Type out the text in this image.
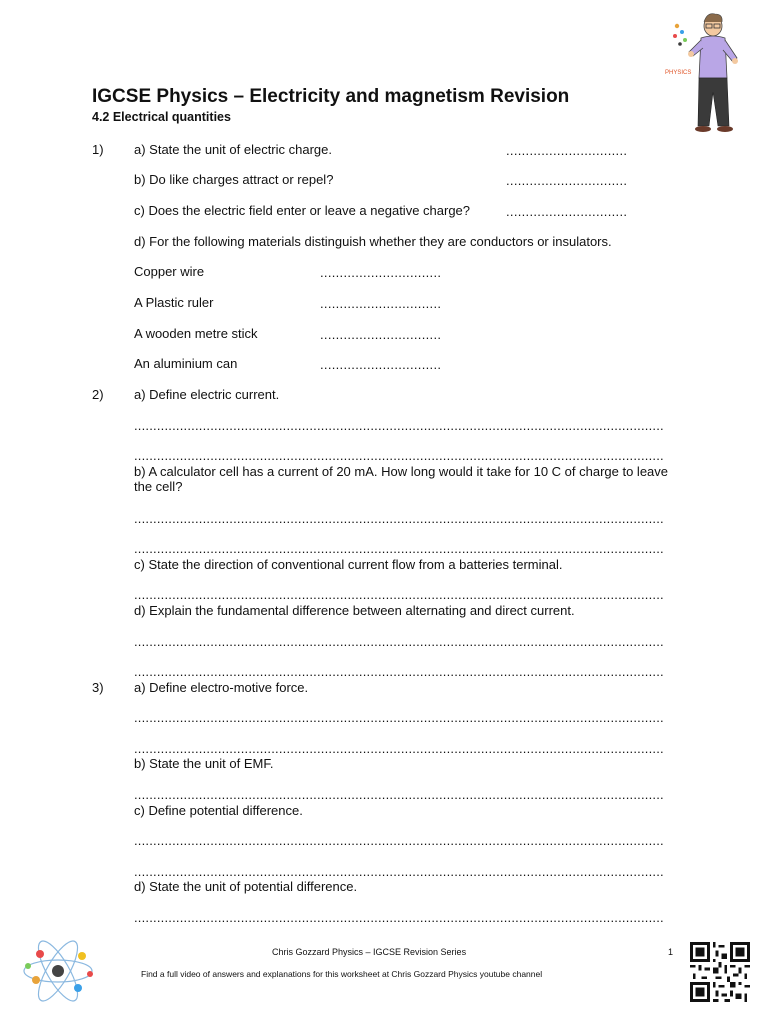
IGCSE Physics – Electricity and magnetism Revision
4.2 Electrical quantities
PHYSICS
1) a) State the unit of electric charge.	...............................
b) Do like charges attract or repel?	...............................
c) Does the electric field enter or leave a negative charge?	...............................
d) For the following materials distinguish whether they are conductors or insulators.
Copper wire	...............................
A Plastic ruler	...............................
A wooden metre stick	...............................
An aluminium can	...............................
2) a) Define electric current.
...........................................................................................................................................
...........................................................................................................................................
b) A calculator cell has a current of 20 mA. How long would it take for 10 C of charge to leave the cell?
...........................................................................................................................................
...........................................................................................................................................
c) State the direction of conventional current flow from a batteries terminal.
...........................................................................................................................................
d) Explain the fundamental difference between alternating and direct current.
...........................................................................................................................................
...........................................................................................................................................
3) a) Define electro-motive force.
...........................................................................................................................................
...........................................................................................................................................
b) State the unit of EMF.
...........................................................................................................................................
c) Define potential difference.
...........................................................................................................................................
...........................................................................................................................................
d) State the unit of potential difference.
...........................................................................................................................................
Chris Gozzard Physics – IGCSE Revision Series	1
Find a full video of answers and explanations for this worksheet at Chris Gozzard Physics youtube channel
